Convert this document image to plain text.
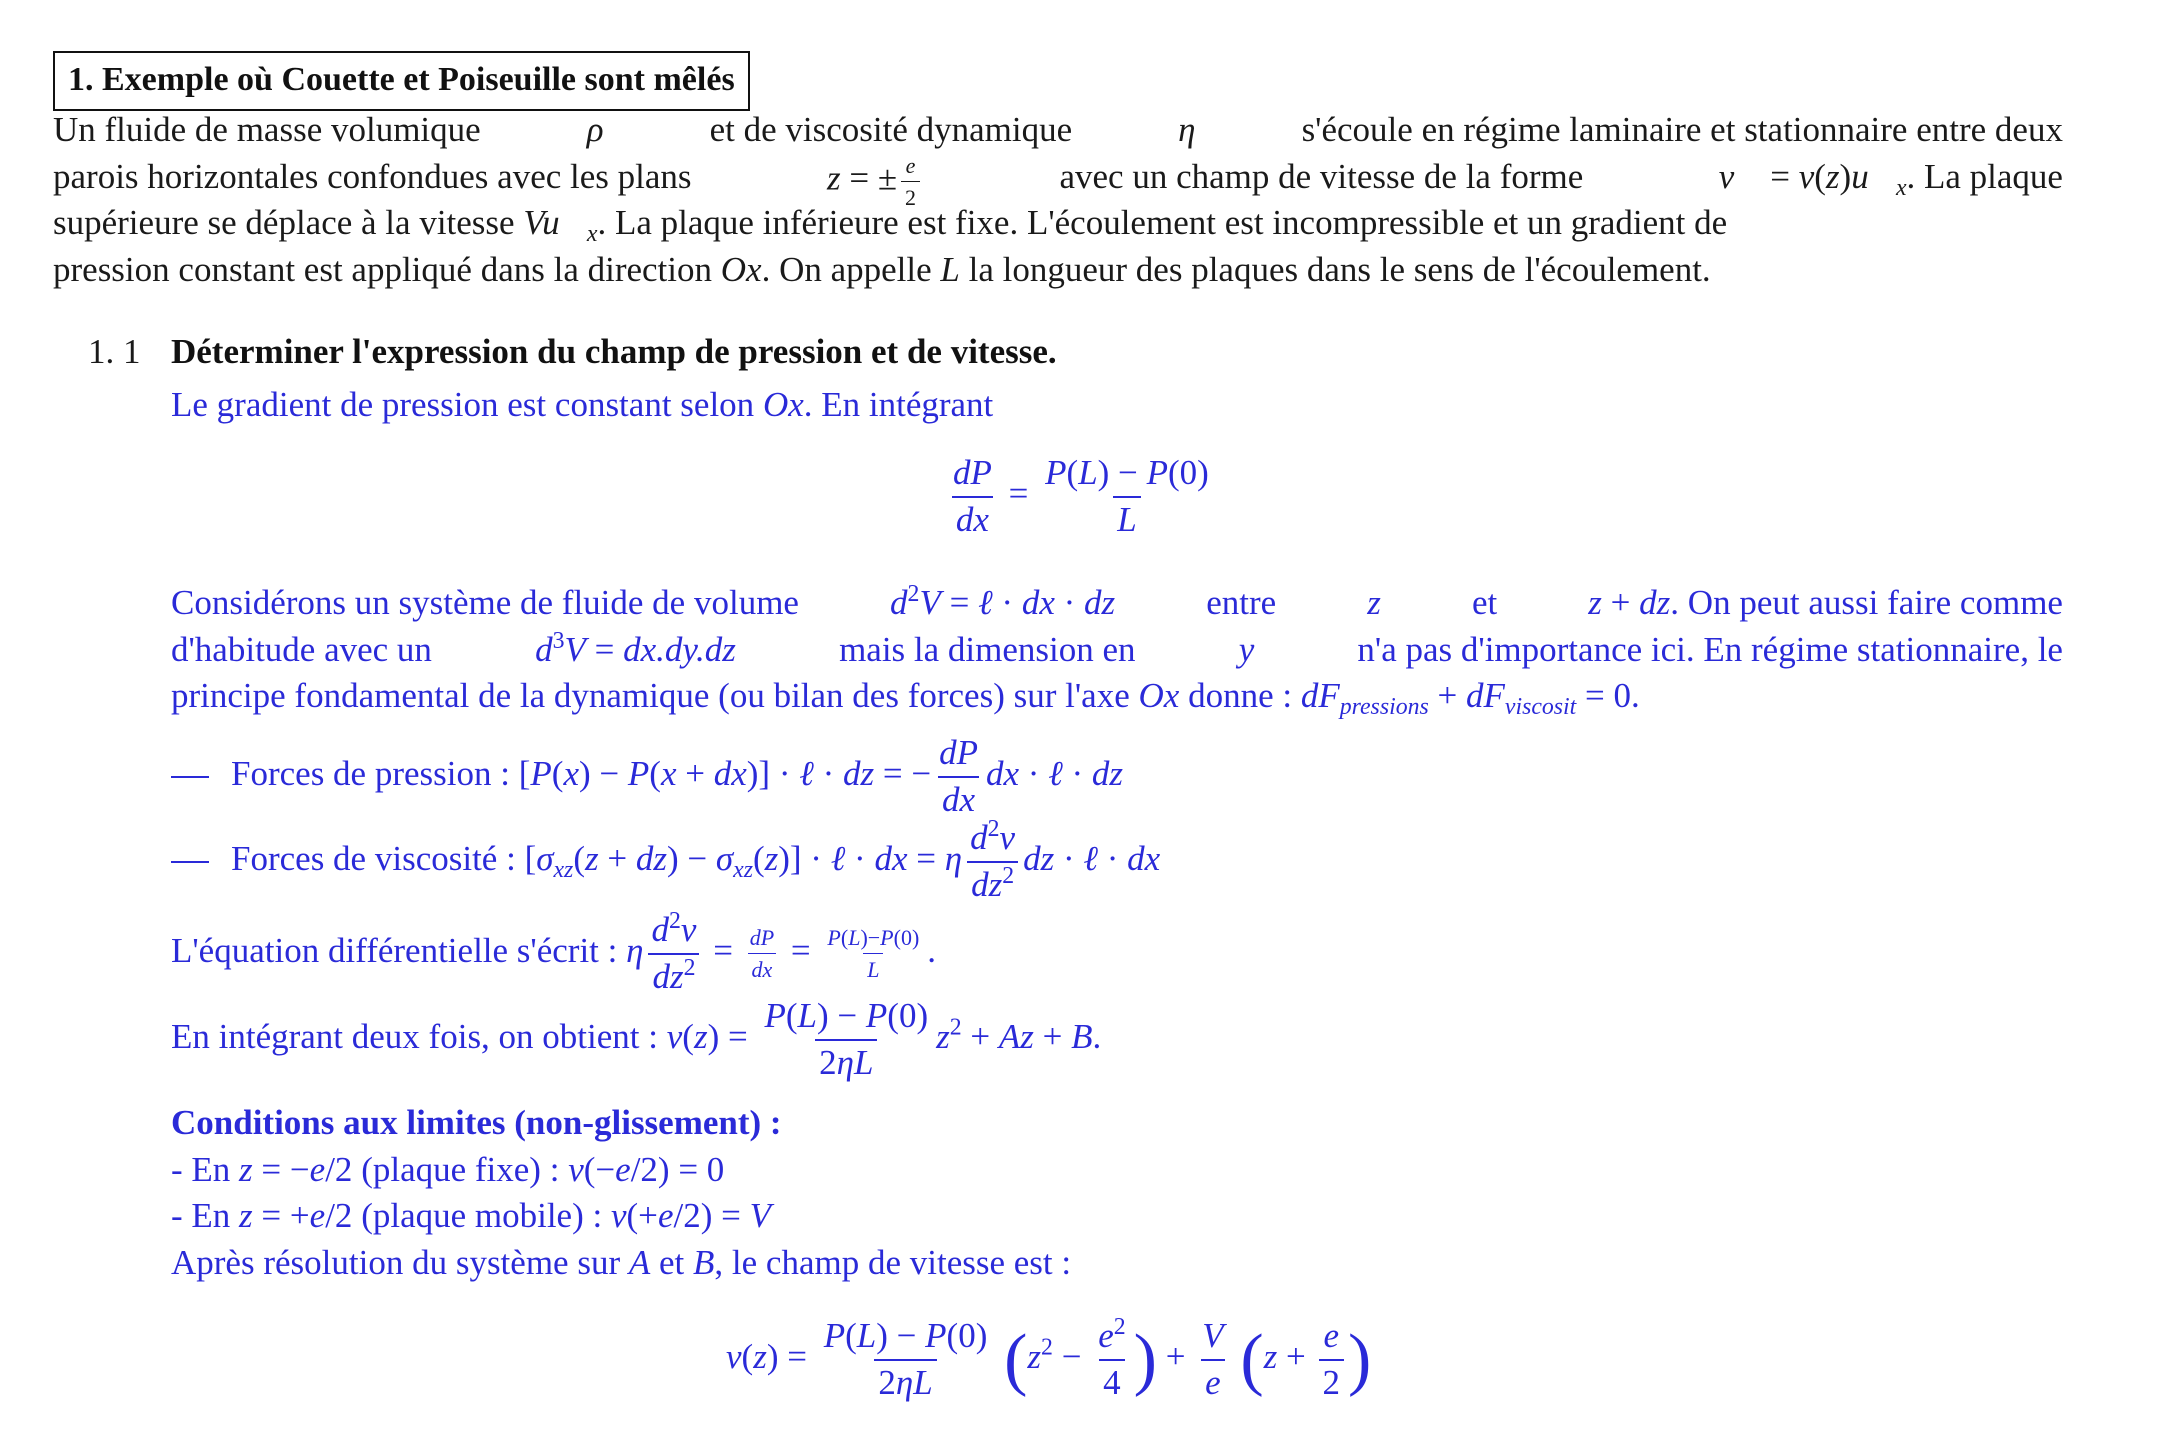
1. Exemple où Couette et Poiseuille sont mêlés
Un fluide de masse volumique	ρ	et de viscosité dynamique	η	s'écoule en régime laminaire et stationnaire entre deux
parois horizontales confondues avec les plans	z = ± $\frac{e}{2}$	avec un champ de vitesse de la forme	v⃗ = $v(z)u⃗_x$. La plaque
supérieure se déplace à la vitesse $Vu⃗_x$. La plaque inférieure est fixe. L'écoulement est incompressible et un gradient de
pression constant est appliqué dans la direction Ox. On appelle L la longueur des plaques dans le sens de l'écoulement.
1. 1 Déterminer l'expression du champ de pression et de vitesse.
Le gradient de pression est constant selon Ox. En intégrant
$\frac{dP}{dx} = \frac{P(L) - P(0)}{L}$
Considérons un système de fluide de volume	$d^2V$ = ℓ · dx · dz	entre	z	et	z + dz. On peut aussi faire comme
d'habitude avec un	$d^3V = dx.dy.dz$	mais la dimension en	y	n'a pas d'importance ici. En régime stationnaire, le
principe fondamental de la dynamique (ou bilan des forces) sur l'axe Ox donne : $dF_{pressions} + dF_{viscosit} = 0$.
Forces de pression : [P(x) − P(x + dx)] · ℓ · dz = − $\frac{dP}{dx}$ dx · ℓ · dz
Forces de viscosité : $[\sigma_{xz}(z + dz) - \sigma_{xz}(z)]$ · ℓ · dx = η $\frac{d^2v}{dz^2}$ dz · ℓ · dx
L'équation différentielle s'écrit : η $\frac{d^2v}{dz^2} = \frac{dP}{dx} = \frac{P(L)-P(0)}{L}$ .
En intégrant deux fois, on obtient : $v(z) = \frac{P(L) - P(0)}{2\eta L} z^2 + Az + B$.
Conditions aux limites (non-glissement) :
- En z = −e/2 (plaque fixe) : v(−e/2) = 0
- En z = +e/2 (plaque mobile) : v(+e/2) = V
Après résolution du système sur A et B, le champ de vitesse est :
$v(z) = \frac{P(L) - P(0)}{2\eta L} (z^2 - \frac{e^2}{4}$ ) + $\frac{V}{e} (z + \frac{e}{2}$ )
